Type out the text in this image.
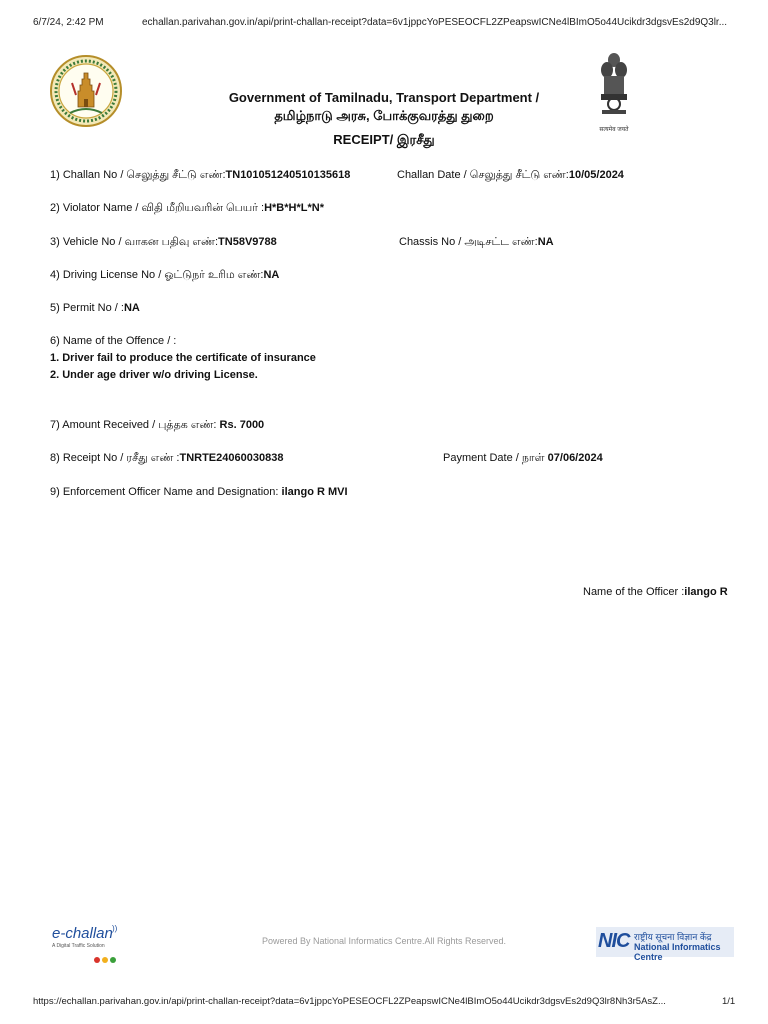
6/7/24, 2:42 PM	echallan.parivahan.gov.in/api/print-challan-receipt?data=6v1jppcYoPESEOCFL2ZPeapswICNe4lBImO5o44Ucikdr3dgsvEs2d9Q3lr...
सत्यमेव जयते
Government of Tamilnadu, Transport Department /
தமிழ்நாடு அரசு, போக்குவரத்து துறை
RECEIPT/ இரசீது
1) Challan No / செலுத்து சீட்டு எண்:TN101051240510135618	Challan Date / செலுத்து சீட்டு எண்:10/05/2024
2) Violator Name / விதி மீறியவரின் பெயர் :H*B*H*L*N*
3) Vehicle No / வாகன பதிவு எண்:TN58V9788	Chassis No / அடிசட்ட எண்:NA
4) Driving License No / ஓட்டுநர் உரிம எண்:NA
5) Permit No / :NA
6) Name of the Offence / :
1. Driver fail to produce the certificate of insurance
2. Under age driver w/o driving License.
7) Amount Received / புத்தக எண்: Rs. 7000
8) Receipt No / ரசீது எண் :TNRTE24060030838	Payment Date / நாள் 07/06/2024
9) Enforcement Officer Name and Designation: ilango R MVI
Name of the Officer :ilango R
e-challan
A Digital Traffic Solution
))
Powered By National Informatics Centre.All Rights Reserved.	NIC राष्ट्रीय सूचना विज्ञान केंद्र
National Informatics Centre
https://echallan.parivahan.gov.in/api/print-challan-receipt?data=6v1jppcYoPESEOCFL2ZPeapswICNe4lBImO5o44Ucikdr3dgsvEs2d9Q3lr8Nh3r5AsZ...	1/1
